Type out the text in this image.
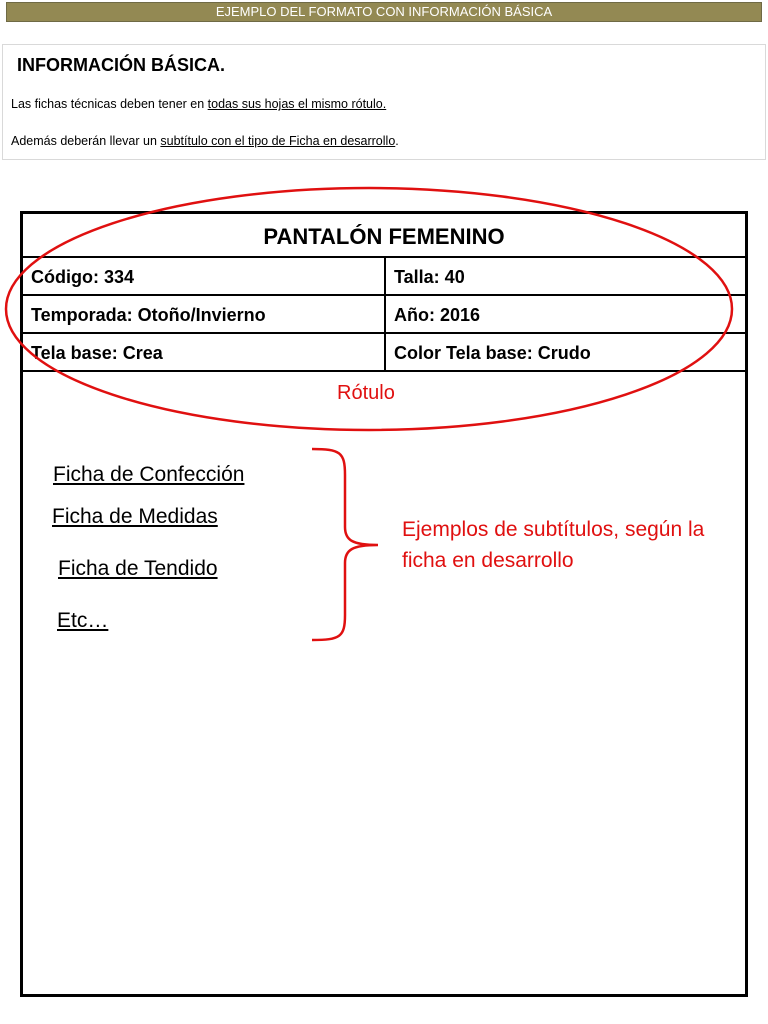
EJEMPLO DEL FORMATO CON INFORMACIÓN BÁSICA
INFORMACIÓN BÁSICA.
Las fichas técnicas deben tener en todas sus hojas el mismo rótulo.
Además deberán llevar un subtítulo con el tipo de Ficha en desarrollo.
PANTALÓN FEMENINO
Código: 334	Talla: 40
Temporada: Otoño/Invierno	Año: 2016
Tela base: Crea	Color Tela base: Crudo
Rótulo
Ficha de Confección
Ficha de Medidas
Ficha de Tendido
Etc…
Ejemplos de subtítulos, según la ficha en desarrollo
